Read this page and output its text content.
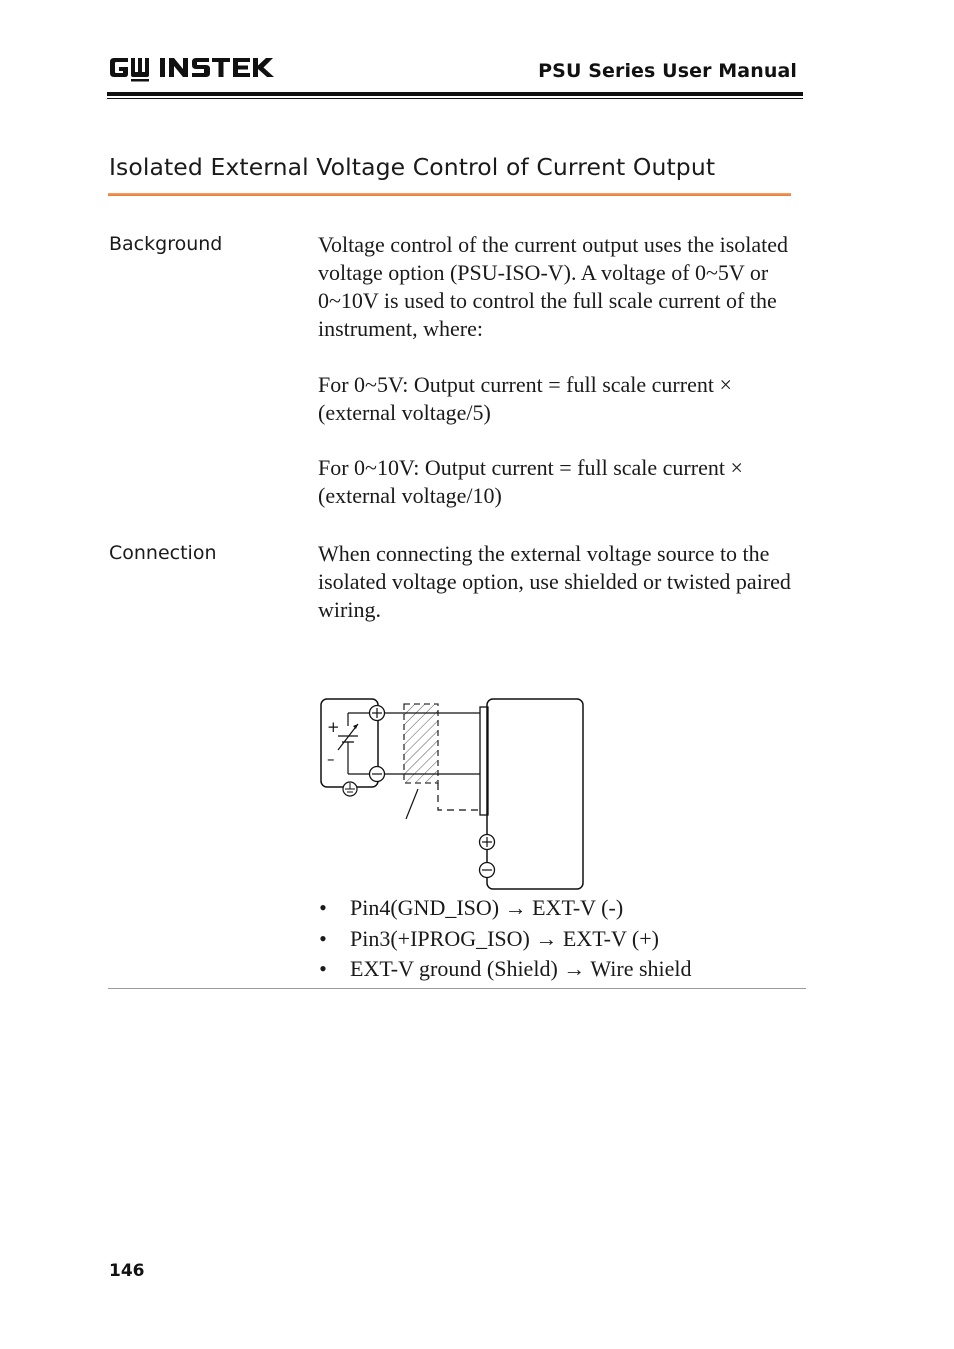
PSU Series User Manual
Isolated External Voltage Control of Current Output
Background	Voltage control of the current output uses the isolated voltage option (PSU-ISO-V). A voltage of 0~5V or 0~10V is used to control the full scale current of the instrument, where:

For 0~5V: Output current = full scale current × (external voltage/5)

For 0~10V: Output current = full scale current × (external voltage/10)

Connection	When connecting the external voltage source to the isolated voltage option, use shielded or twisted paired wiring.

+
–
• Pin4(GND_ISO) → EXT-V (-)
• Pin3(+IPROG_ISO) → EXT-V (+)
• EXT-V ground (Shield) → Wire shield
146
